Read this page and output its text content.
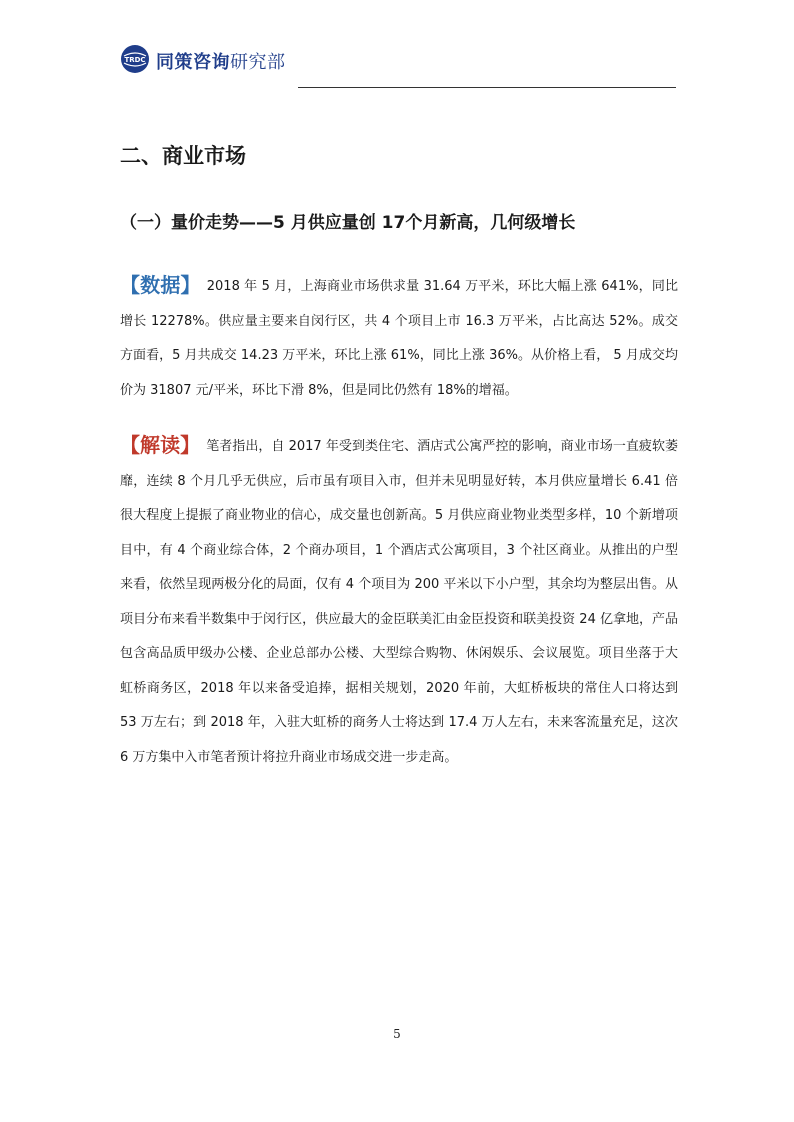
TRDC 同策咨询研究部
二、商业市场
（一）量价走势——5 月供应量创 17个月新高，几何级增长

【数据】 2018 年 5 月，上海商业市场供求量 31.64 万平米，环比大幅上涨 641%，同比增长 12278%。供应量主要来自闵行区，共 4 个项目上市 16.3 万平米，占比高达 52%。成交方面看，5 月共成交 14.23 万平米，环比上涨 61%，同比上涨 36%。从价格上看， 5 月成交均价为 31807 元/平米，环比下滑 8%，但是同比仍然有 18%的增福。

【解读】 笔者指出，自 2017 年受到类住宅、酒店式公寓严控的影响，商业市场一直疲软萎靡，连续 8 个月几乎无供应，后市虽有项目入市，但并未见明显好转，本月供应量增长 6.41 倍很大程度上提振了商业物业的信心，成交量也创新高。5 月供应商业物业类型多样，10 个新增项目中，有 4 个商业综合体，2 个商办项目，1 个酒店式公寓项目，3 个社区商业。从推出的户型来看，依然呈现两极分化的局面，仅有 4 个项目为 200 平米以下小户型，其余均为整层出售。从项目分布来看半数集中于闵行区，供应最大的金臣联美汇由金臣投资和联美投资 24 亿拿地，产品包含高品质甲级办公楼、企业总部办公楼、大型综合购物、休闲娱乐、会议展览。项目坐落于大虹桥商务区，2018 年以来备受追捧，据相关规划，2020 年前，大虹桥板块的常住人口将达到 53 万左右；到 2018 年，入驻大虹桥的商务人士将达到 17.4 万人左右，未来客流量充足，这次 6 万方集中入市笔者预计将拉升商业市场成交进一步走高。

5
